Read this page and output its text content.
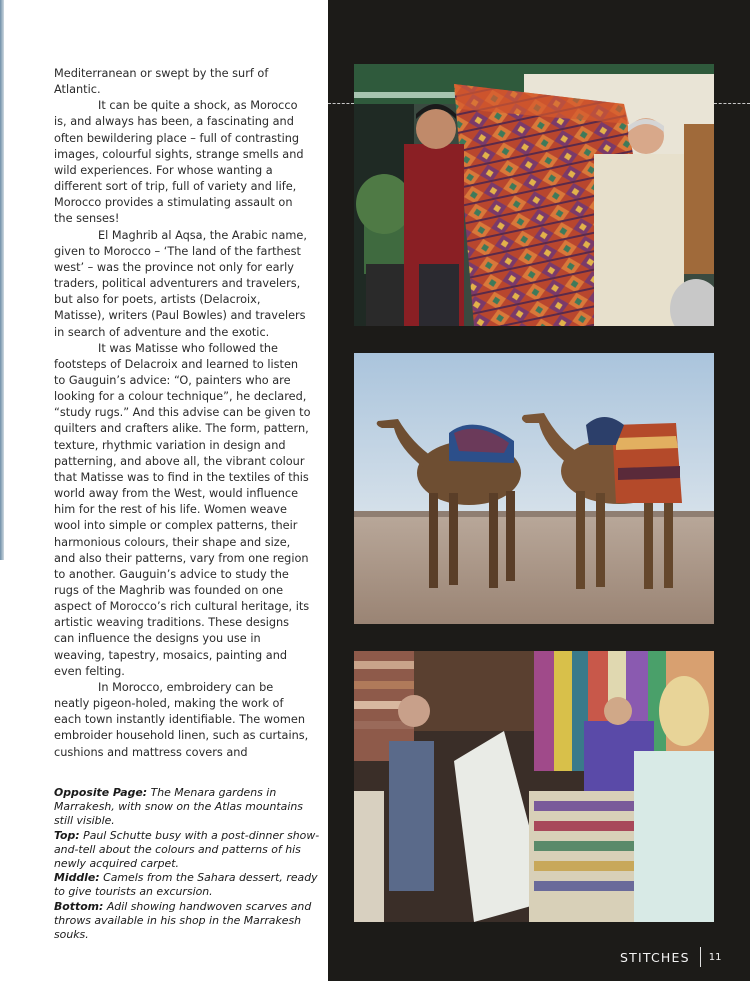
Mediterranean or swept by the surf of Atlantic.

It can be quite a shock, as Morocco is, and always has been, a fascinating and often bewildering place – full of contrasting images, colourful sights, strange smells and wild experiences. For whose wanting a different sort of trip, full of variety and life, Morocco provides a stimulating assault on the senses!

El Maghrib al Aqsa, the Arabic name, given to Morocco – ‘The land of the farthest west’ – was the province not only for early traders, political adventurers and travelers, but also for poets, artists (Delacroix, Matisse), writers (Paul Bowles) and travelers in search of adventure and the exotic.

It was Matisse who followed the footsteps of Delacroix and learned to listen to Gauguin’s advice: “O, painters who are looking for a colour technique”, he declared, “study rugs.” And this advise can be given to quilters and crafters alike. The form, pattern, texture, rhythmic variation in design and patterning, and above all, the vibrant colour that Matisse was to find in the textiles of this world away from the West, would influence him for the rest of his life. Women weave wool into simple or complex patterns, their harmonious colours, their shape and size, and also their patterns, vary from one region to another. Gauguin’s advice to study the rugs of the Maghrib was founded on one aspect of Morocco’s rich cultural heritage, its artistic weaving traditions. These designs can influence the designs you use in weaving, tapestry, mosaics, painting and even felting.

In Morocco, embroidery can be neatly pigeon-holed, making the work of each town instantly identifiable. The women embroider household linen, such as curtains, cushions and mattress covers and

Opposite Page: The Menara gardens in Marrakesh, with snow on the Atlas mountains still visible.

Top: Paul Schutte busy with a post-dinner show-and-tell about the colours and patterns of his newly acquired carpet.

Middle: Camels from the Sahara dessert, ready to give tourists an excursion.

Bottom: Adil showing handwoven scarves and throws available in his shop in the Marrakesh souks.

STITCHES 11
